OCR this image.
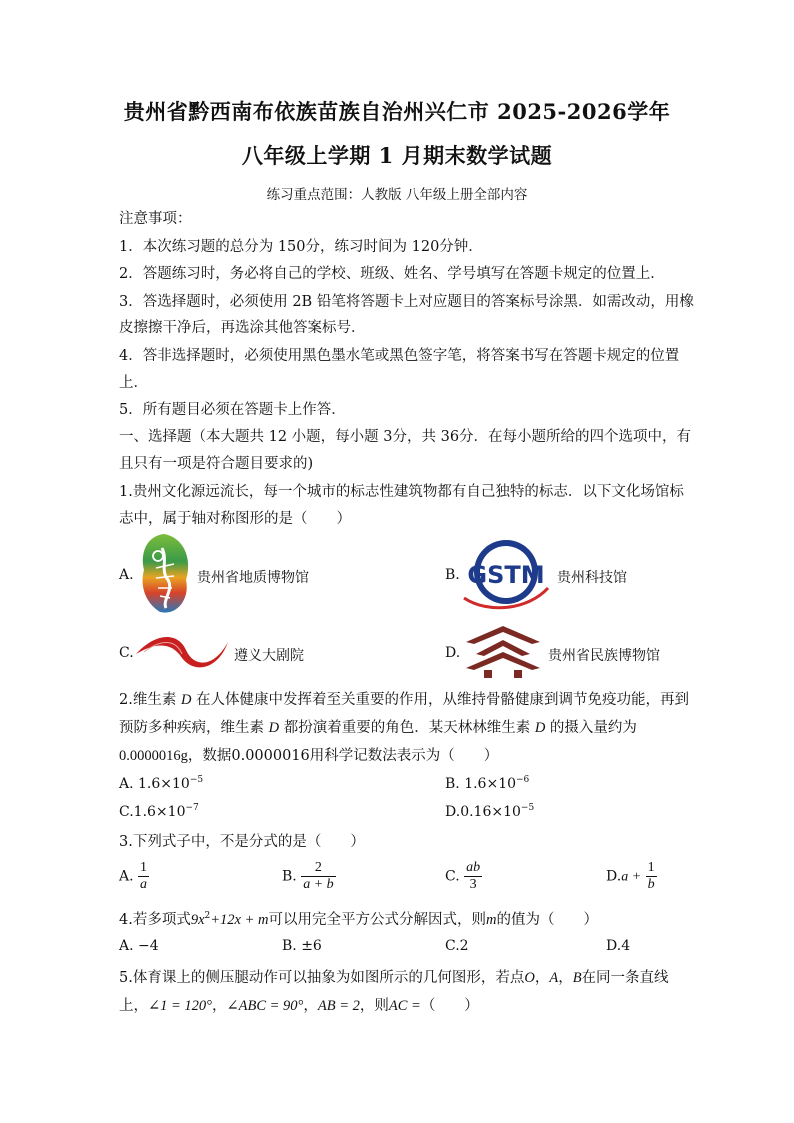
贵州省黔西南布依族苗族自治州兴仁市 2025-2026学年
八年级上学期 1 月期末数学试题
练习重点范围：人教版 八年级上册全部内容
注意事项：
1．本次练习题的总分为 150分，练习时间为 120分钟．
2．答题练习时，务必将自己的学校、班级、姓名、学号填写在答题卡规定的位置上．
3．答选择题时，必须使用 2B 铅笔将答题卡上对应题目的答案标号涂黑．如需改动，用橡
皮擦擦干净后，再选涂其他答案标号．
4．答非选择题时，必须使用黑色墨水笔或黑色签字笔，将答案书写在答题卡规定的位置
上．
5．所有题目必须在答题卡上作答．
一、选择题（本大题共 12 小题，每小题 3分，共 36分．在每小题所给的四个选项中，有
且只有一项是符合题目要求的)
1.贵州文化源远流长，每一个城市的标志性建筑物都有自己独特的标志．以下文化场馆标
志中，属于轴对称图形的是（　　）
A.	贵州省地质博物馆	B. GSTM 贵州科技馆
C.	遵义大剧院	D.	贵州省民族博物馆
2.维生素 D 在人体健康中发挥着至关重要的作用，从维持骨骼健康到调节免疫功能，再到
预防多种疾病，维生素 D 都扮演着重要的角色．某天林林维生素 D 的摄入量约为
0.0000016g，数据0.0000016用科学记数法表示为（　　）
A. $1.6\times 10^{-5}$	B. $1.6\times 10^{-6}$
$C.1.6\times 10^{-7}$	$D.0.16\times 10^{-5}$
3.下列式子中，不是分式的是（　　）
A. $\frac{1}{a}$	B. $\frac{2}{a + b}$	C. $\frac{ab}{3}$	$D.a + \frac{1}{b}$
4.若多项式$9x^2+12x + m$可以用完全平方公式分解因式，则m的值为（　　）
A. −4	B. ±6	C.2	D.4
5.体育课上的侧压腿动作可以抽象为如图所示的几何图形，若点O，A，B在同一条直线
上，∠1 = 120°，∠ABC = 90°，AB = 2，则AC =（　　）
